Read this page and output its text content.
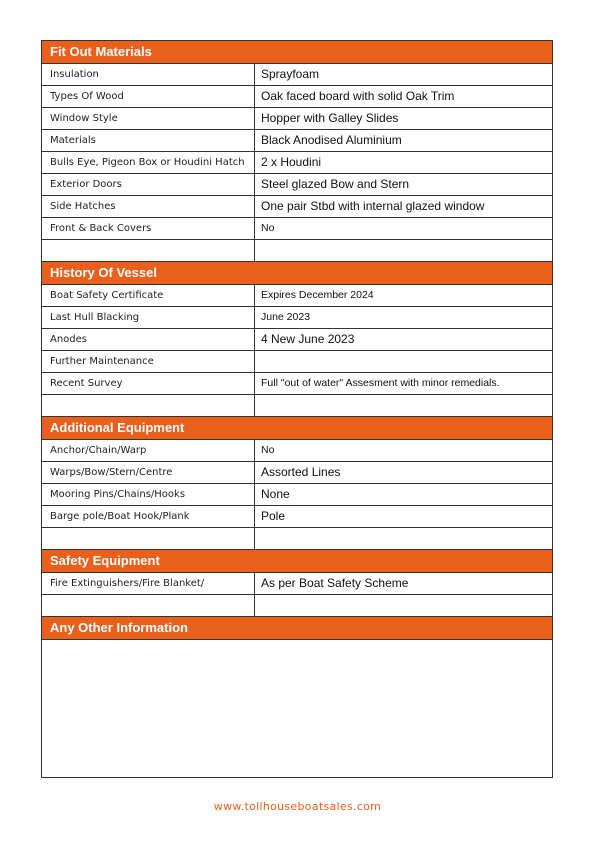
Fit Out Materials
Insulation	Sprayfoam
Types Of Wood	Oak faced board with solid Oak Trim
Window Style	Hopper with Galley Slides
Materials	Black Anodised Aluminium
Bulls Eye, Pigeon Box or Houdini Hatch	2 x Houdini
Exterior Doors	Steel glazed Bow and Stern
Side Hatches	One pair Stbd with internal glazed window
Front & Back Covers	No
History Of Vessel
Boat Safety Certificate	Expires December 2024
Last Hull Blacking	June 2023
Anodes	4 New June 2023
Further Maintenance
Recent Survey	Full "out of water" Assesment with minor remedials.
Additional Equipment
Anchor/Chain/Warp	No
Warps/Bow/Stern/Centre	Assorted Lines
Mooring Pins/Chains/Hooks	None
Barge pole/Boat Hook/Plank	Pole
Safety Equipment
Fire Extinguishers/Fire Blanket/	As per Boat Safety Scheme
Any Other Information
www.tollhouseboatsales.com
